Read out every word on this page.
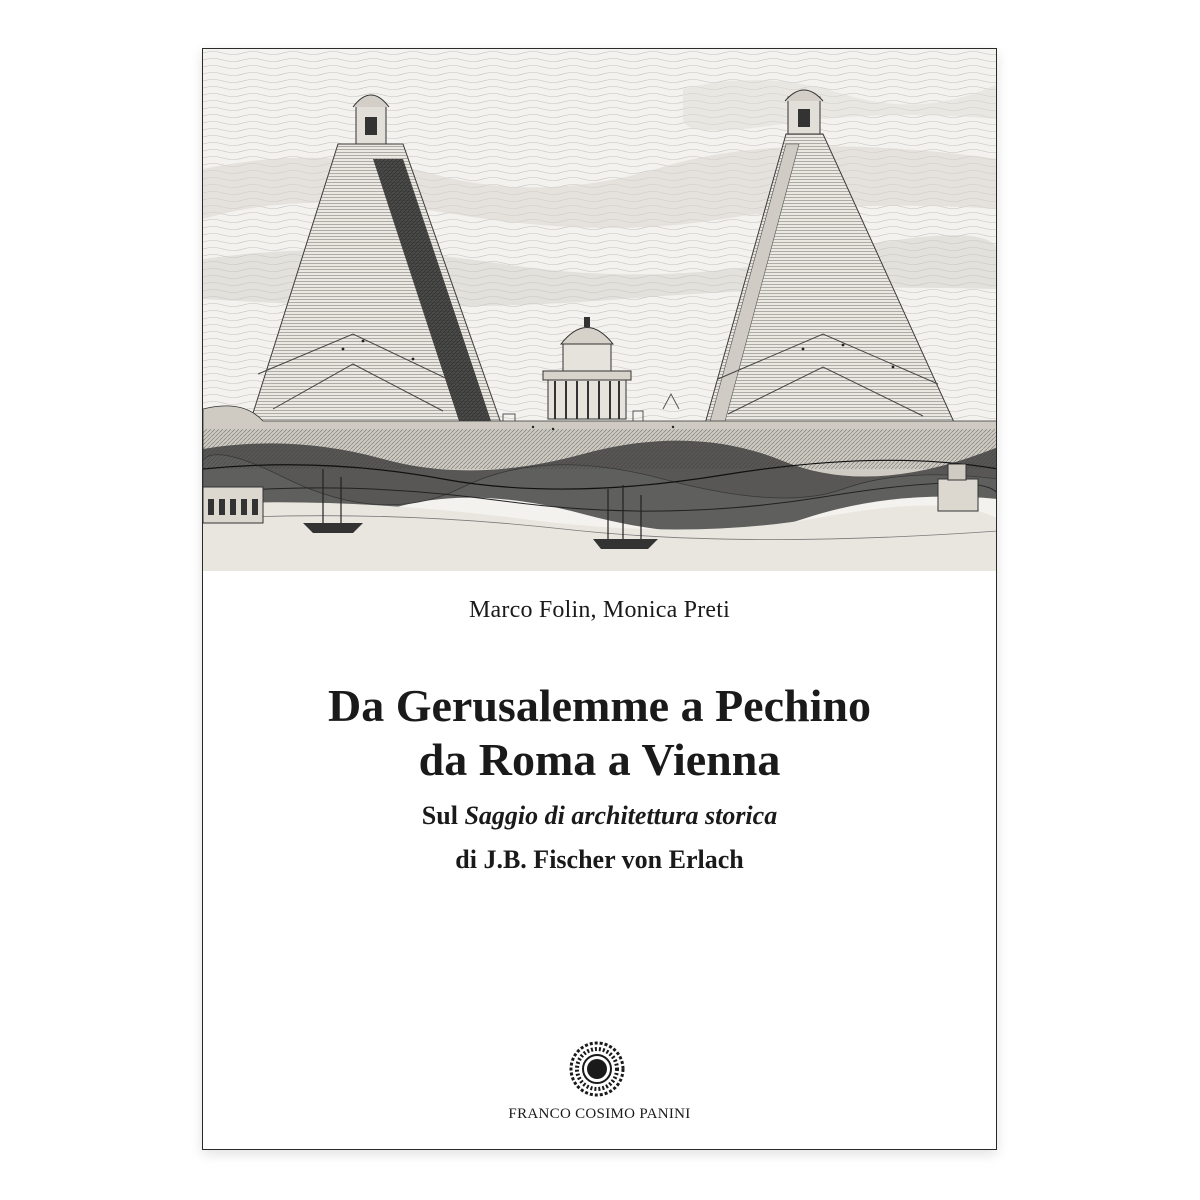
Marco Folin, Monica Preti
Da Gerusalemme a Pechino
da Roma a Vienna
Sul Saggio di architettura storica
di J.B. Fischer von Erlach
FRANCO COSIMO PANINI
